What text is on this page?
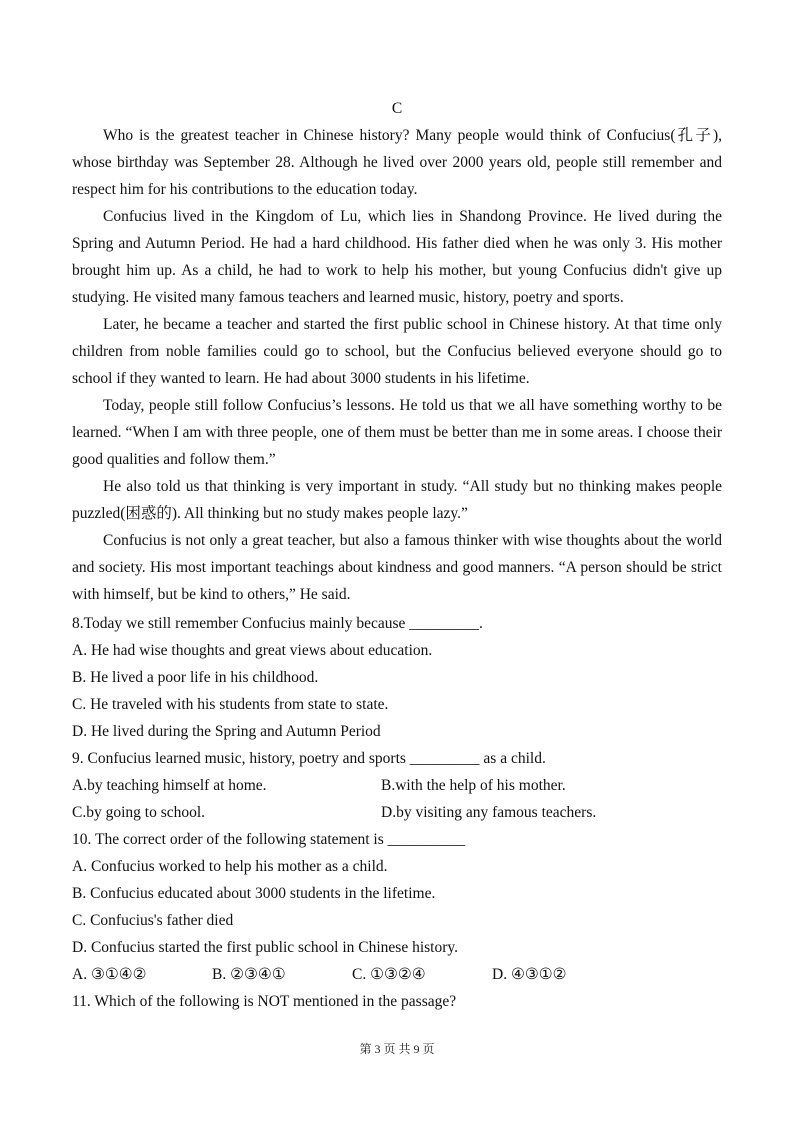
C

Who is the greatest teacher in Chinese history? Many people would think of Confucius(孔子), whose birthday was September 28. Although he lived over 2000 years old, people still remember and respect him for his contributions to the education today.

Confucius lived in the Kingdom of Lu, which lies in Shandong Province. He lived during the Spring and Autumn Period. He had a hard childhood. His father died when he was only 3. His mother brought him up. As a child, he had to work to help his mother, but young Confucius didn't give up studying. He visited many famous teachers and learned music, history, poetry and sports.

Later, he became a teacher and started the first public school in Chinese history. At that time only children from noble families could go to school, but the Confucius believed everyone should go to school if they wanted to learn. He had about 3000 students in his lifetime.

Today, people still follow Confucius’s lessons. He told us that we all have something worthy to be learned. “When I am with three people, one of them must be better than me in some areas. I choose their good qualities and follow them.”

He also told us that thinking is very important in study. “All study but no thinking makes people puzzled(困惑的). All thinking but no study makes people lazy.”

Confucius is not only a great teacher, but also a famous thinker with wise thoughts about the world and society. His most important teachings about kindness and good manners. “A person should be strict with himself, but be kind to others,” He said.

8.Today we still remember Confucius mainly because _________.
A. He had wise thoughts and great views about education.
B. He lived a poor life in his childhood.
C. He traveled with his students from state to state.
D. He lived during the Spring and Autumn Period
9. Confucius learned music, history, poetry and sports _________ as a child.
A.by teaching himself at home.	B.with the help of his mother.
C.by going to school.	D.by visiting any famous teachers.
10. The correct order of the following statement is __________
A. Confucius worked to help his mother as a child.
B. Confucius educated about 3000 students in the lifetime.
C. Confucius's father died
D. Confucius started the first public school in Chinese history.
A. ③①④②	B. ②③④①	C. ①③②④	D. ④③①②
11. Which of the following is NOT mentioned in the passage?
第 3 页 共 9 页
